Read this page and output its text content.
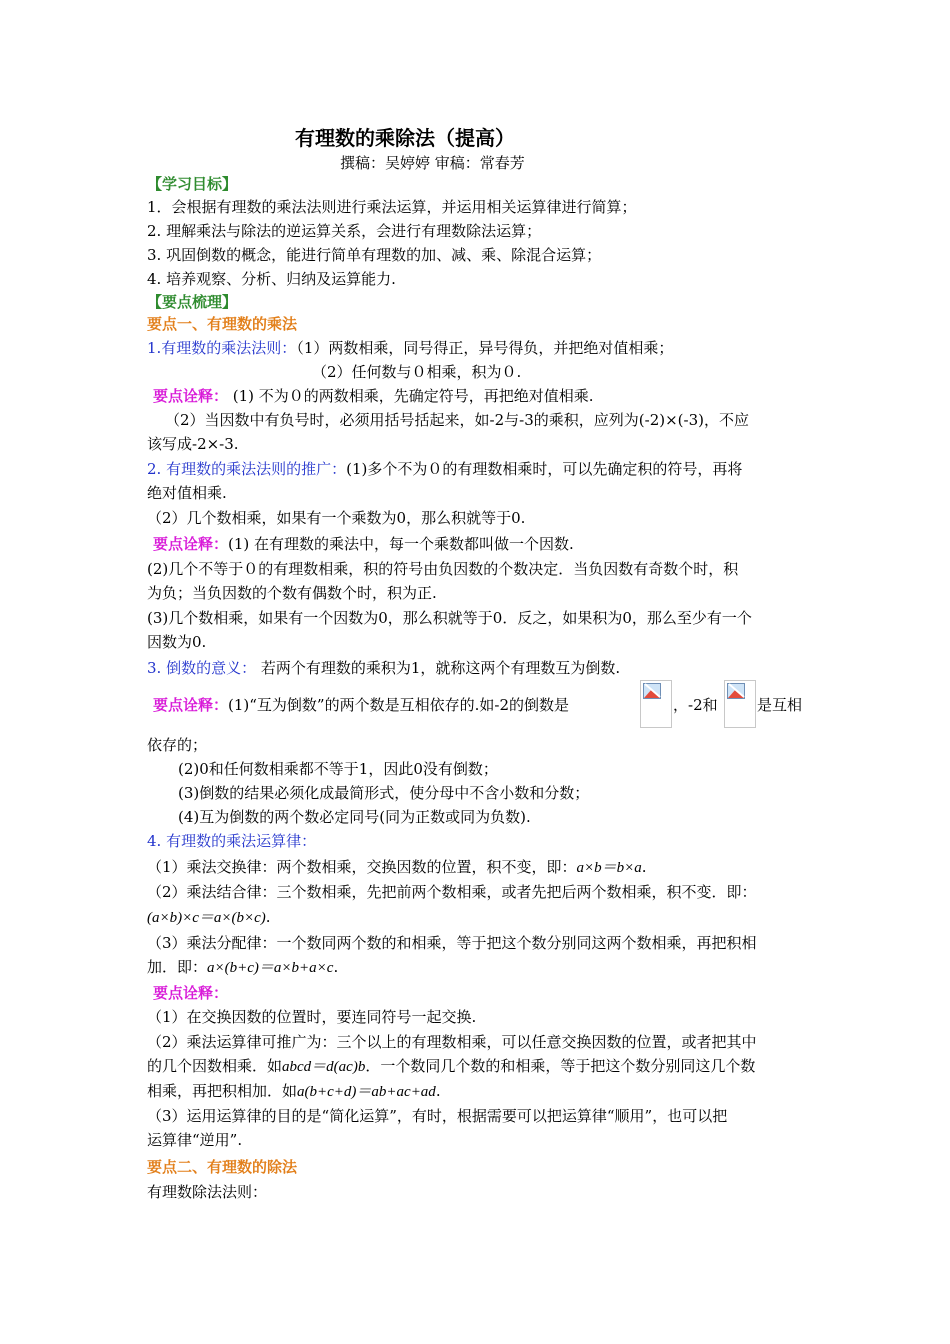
有理数的乘除法（提高）
撰稿：吴婷婷 审稿：常春芳
【学习目标】
1．会根据有理数的乘法法则进行乘法运算，并运用相关运算律进行简算；
2. 理解乘法与除法的逆运算关系，会进行有理数除法运算；
3. 巩固倒数的概念，能进行简单有理数的加、减、乘、除混合运算；
4. 培养观察、分析、归纳及运算能力.
【要点梳理】
要点一、有理数的乘法
1.有理数的乘法法则：（1）两数相乘，同号得正，异号得负，并把绝对值相乘；
（2）任何数与０相乘，积为０.
要点诠释： (1) 不为０的两数相乘，先确定符号，再把绝对值相乘.
（2）当因数中有负号时，必须用括号括起来，如-2与-3的乘积，应列为(-2)×(-3)，不应
该写成-2×-3.
2. 有理数的乘法法则的推广：(1)多个不为０的有理数相乘时，可以先确定积的符号，再将
绝对值相乘.
（2）几个数相乘，如果有一个乘数为0，那么积就等于0.
要点诠释：(1) 在有理数的乘法中，每一个乘数都叫做一个因数.
(2)几个不等于０的有理数相乘，积的符号由负因数的个数决定．当负因数有奇数个时，积
为负；当负因数的个数有偶数个时，积为正.
(3)几个数相乘，如果有一个因数为0，那么积就等于0．反之，如果积为0，那么至少有一个
因数为0.
3. 倒数的意义： 若两个有理数的乘积为1，就称这两个有理数互为倒数.
要点诠释：(1)“互为倒数”的两个数是互相依存的.如-2的倒数是	，-2和	是互相
依存的；
(2)0和任何数相乘都不等于1，因此0没有倒数；
(3)倒数的结果必须化成最简形式，使分母中不含小数和分数；
(4)互为倒数的两个数必定同号(同为正数或同为负数).
4. 有理数的乘法运算律：
（1）乘法交换律：两个数相乘，交换因数的位置，积不变，即：a×b＝b×a.
（2）乘法结合律：三个数相乘，先把前两个数相乘，或者先把后两个数相乘，积不变．即：
(a×b)×c＝a×(b×c).
（3）乘法分配律：一个数同两个数的和相乘，等于把这个数分别同这两个数相乘，再把积相
加．即：a×(b+c)＝a×b+a×c.
要点诠释：
（1）在交换因数的位置时，要连同符号一起交换.
（2）乘法运算律可推广为：三个以上的有理数相乘，可以任意交换因数的位置，或者把其中
的几个因数相乘．如abcd＝d(ac)b．一个数同几个数的和相乘，等于把这个数分别同这几个数
相乘，再把积相加．如a(b+c+d)＝ab+ac+ad.
（3）运用运算律的目的是“简化运算”，有时，根据需要可以把运算律“顺用”，也可以把
运算律“逆用”.
要点二、有理数的除法
有理数除法法则：
